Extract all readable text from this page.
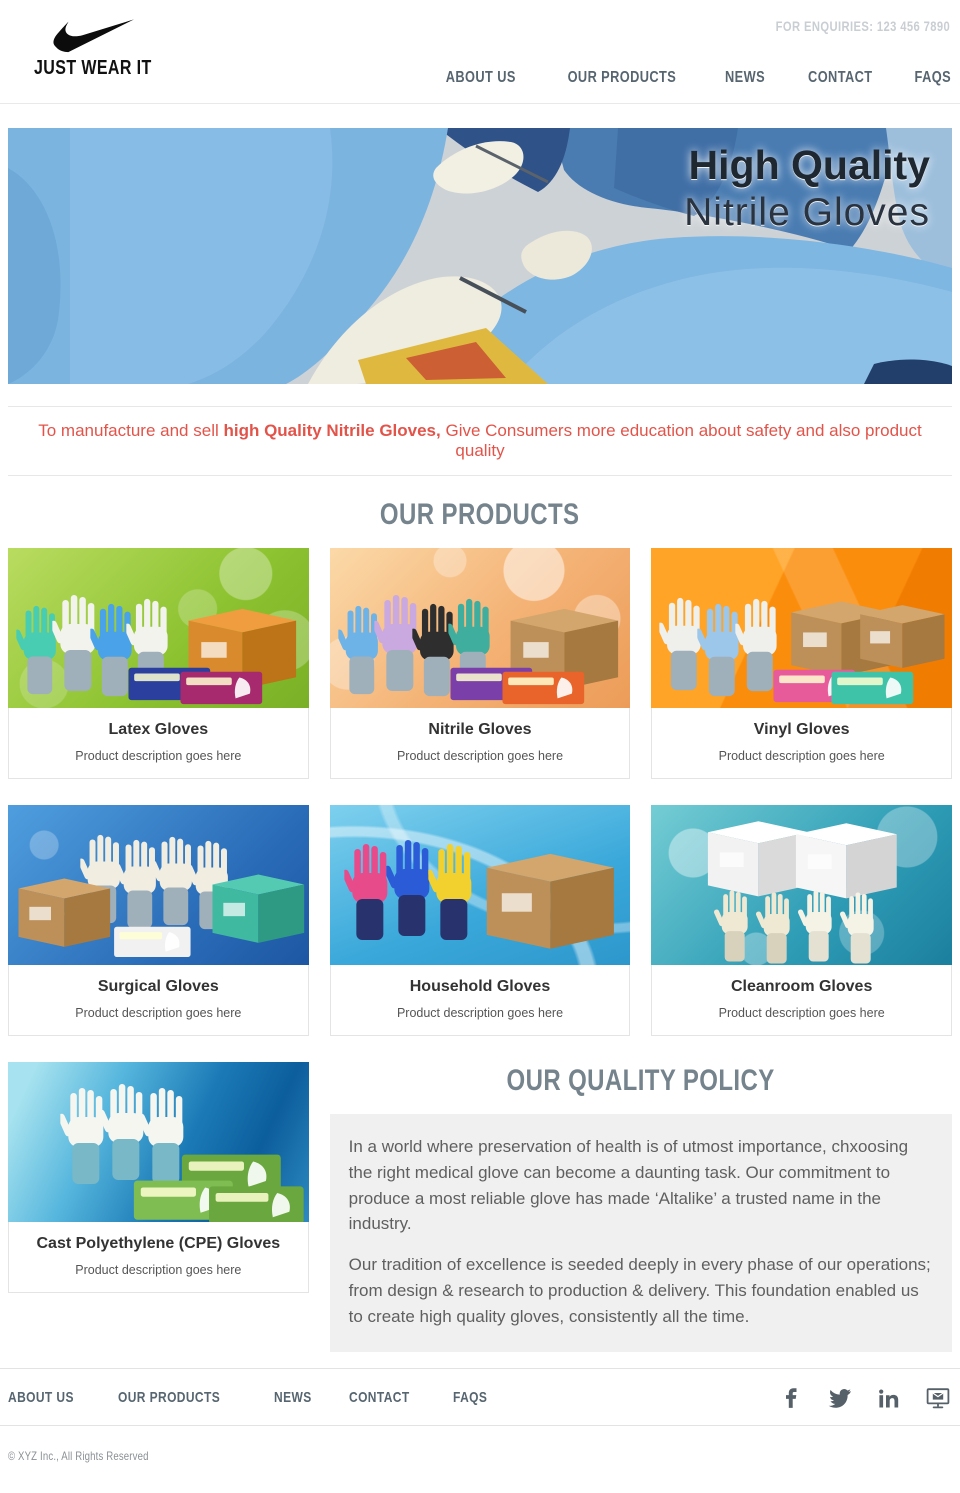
JUST WEAR IT
FOR ENQUIRIES: 123 456 7890
ABOUT US	OUR PRODUCTS	NEWS	CONTACT	FAQS
High Quality
Nitrile Gloves
To manufacture and sell high Quality Nitrile Gloves, Give Consumers more education about safety and also product quality
OUR PRODUCTS
Latex Gloves
Product description goes here
Nitrile Gloves
Product description goes here
Vinyl Gloves
Product description goes here
Surgical Gloves
Product description goes here
Household Gloves
Product description goes here
Cleanroom Gloves
Product description goes here
Cast Polyethylene (CPE) Gloves
Product description goes here
OUR QUALITY POLICY

In a world where preservation of health is of utmost importance, chxoosing the right medical glove can become a daunting task. Our commitment to produce a most reliable glove has made ‘Altalike’ a trusted name in the industry.

Our tradition of excellence is seeded deeply in every phase of our operations; from design & research to production & delivery. This foundation enabled us to create high quality gloves, consistently all the time.

ABOUT US	OUR PRODUCTS	NEWS	CONTACT	FAQS
© XYZ Inc., All Rights Reserved
